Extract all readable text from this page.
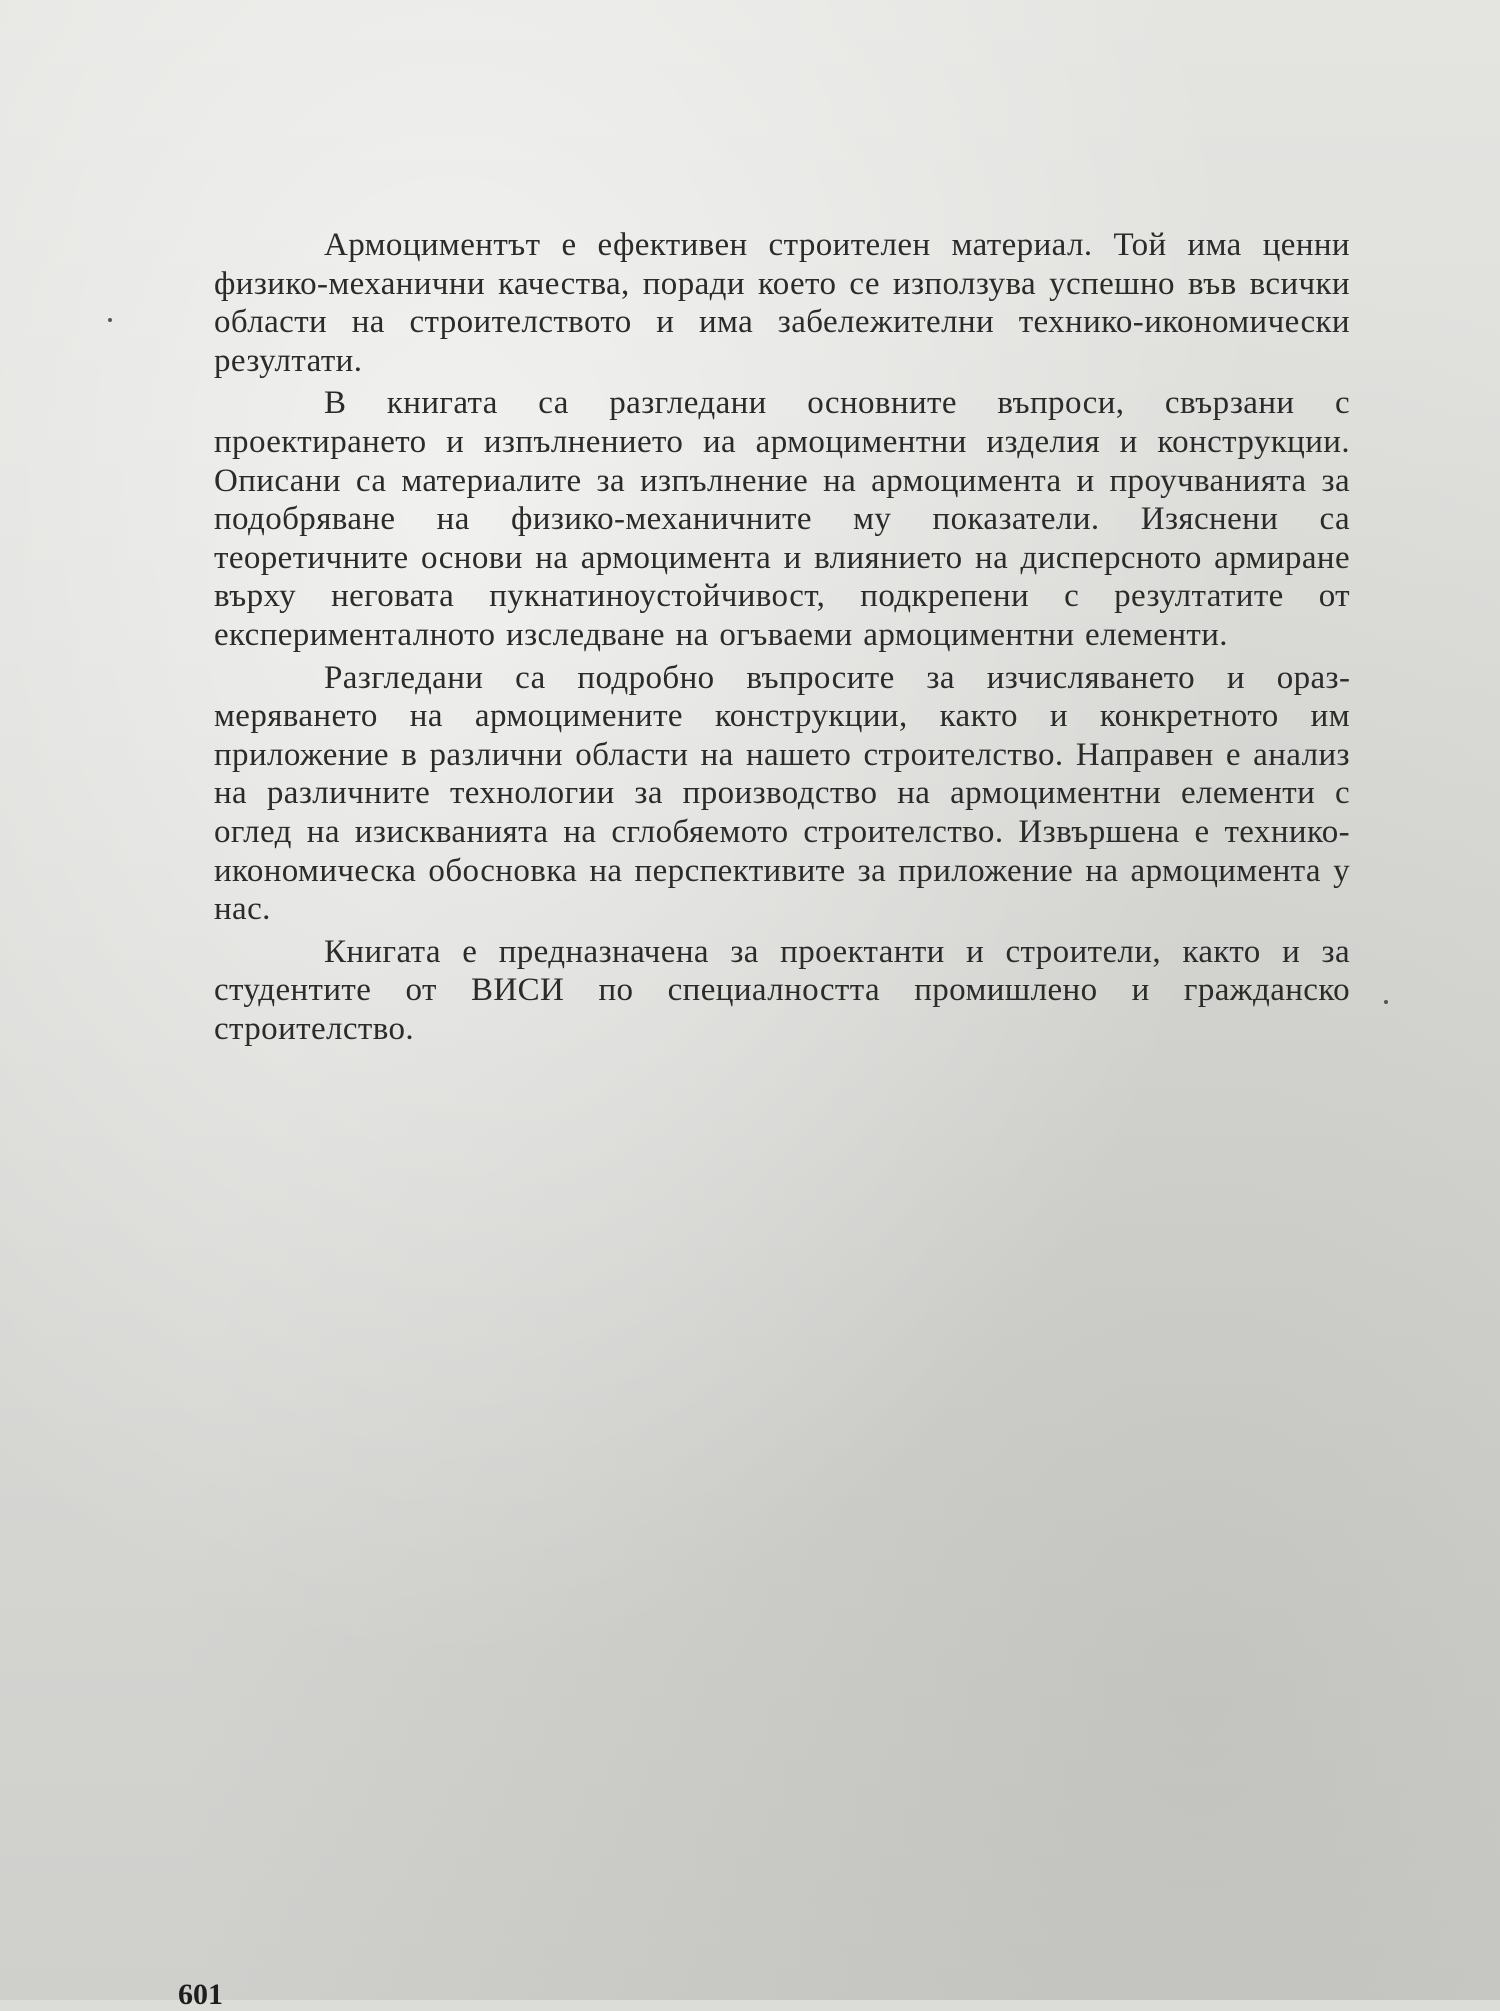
Армоциментът е ефективен строителен материал. Той има ценни физико-механични качества, поради което се използува успешно във всички области на строителството и има забележителни технико-икономически резултати.

В книгата са разгледани основните въпроси, свързани с проектирането и изпълнението иа армоциментни изделия и конструкции. Описани са материалите за изпълнение на армоцимента и проучванията за подобряване на физико-механичните му показатели. Изяснени са теоретичните основи на армоцимента и влиянието на дисперсното армиране върху неговата пукнатиноустойчивост, подкрепени с резултатите от експерименталното изследване на огъваеми армоциментни елементи.

Разгледани са подробно въпросите за изчисляването и оразмеряването на армоцимените конструкции, както и конкретното им приложение в различни области на нашето строителство. Направен е анализ на различните технологии за производство на армоциментни елементи с оглед на изискванията на сглобяемото строителство. Извършена е технико-икономическа обосновка на перспективите за приложение на армоцимента у нас.

Книгата е предназначена за проектанти и строители, както и за студентите от ВИСИ по специалността промишлено и гражданско строителство.

601
